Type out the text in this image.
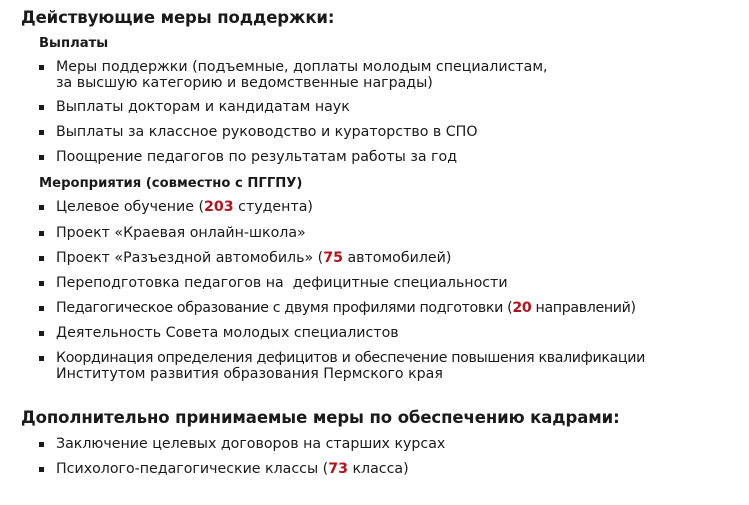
Действующие меры поддержки:
Выплаты
Меры поддержки (подъемные, доплаты молодым специалистам,
за высшую категорию и ведомственные награды)
Выплаты докторам и кандидатам наук
Выплаты за классное руководство и кураторство в СПО
Поощрение педагогов по результатам работы за год
Мероприятия (совместно с ПГГПУ)
Целевое обучение (203 студента)
Проект «Краевая онлайн-школа»
Проект «Разъездной автомобиль» (75 автомобилей)
Переподготовка педагогов на  дефицитные специальности
Педагогическое образование с двумя профилями подготовки (20 направлений)
Деятельность Совета молодых специалистов
Координация определения дефицитов и обеспечение повышения квалификации
Институтом развития образования Пермского края
Дополнительно принимаемые меры по обеспечению кадрами:
Заключение целевых договоров на старших курсах
Психолого-педагогические классы (73 класса)
